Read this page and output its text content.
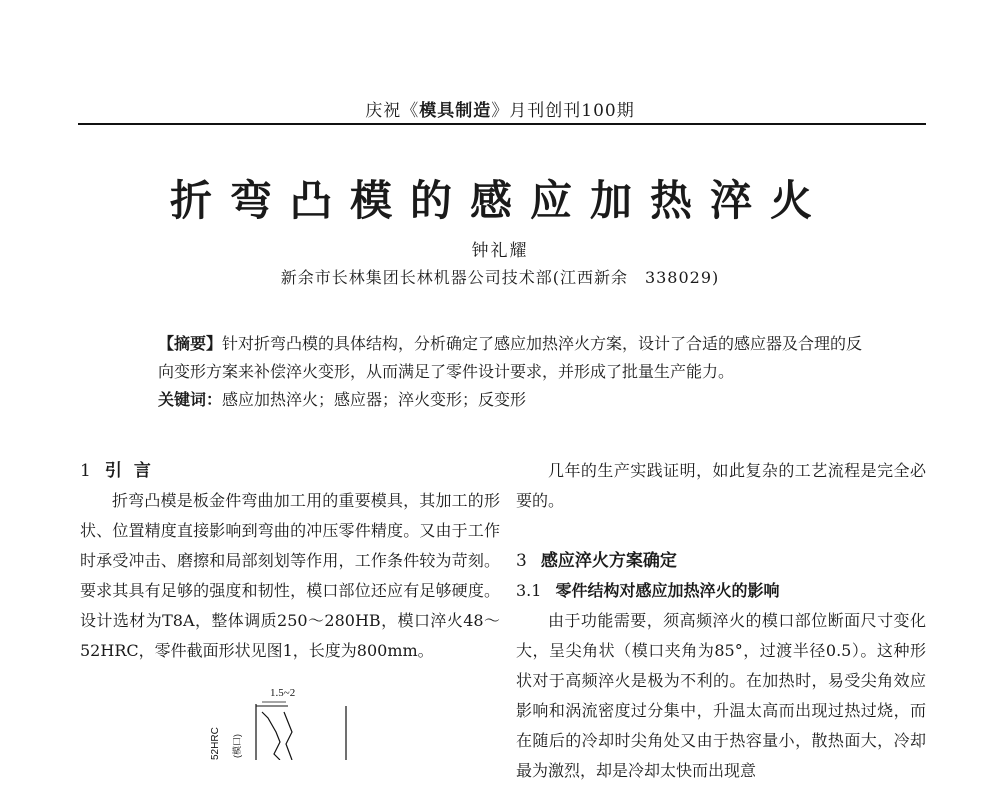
庆祝《模具制造》月刊创刊100期
折弯凸模的感应加热淬火
钟礼耀
新余市长林集团长林机器公司技术部(江西新余　338029)
【摘要】针对折弯凸模的具体结构，分析确定了感应加热淬火方案，设计了合适的感应器及合理的反向变形方案来补偿淬火变形，从而满足了零件设计要求，并形成了批量生产能力。
关键词：感应加热淬火；感应器；淬火变形；反变形
1 引言

折弯凸模是板金件弯曲加工用的重要模具，其加工的形状、位置精度直接影响到弯曲的冲压零件精度。又由于工作时承受冲击、磨擦和局部刻划等作用，工作条件较为苛刻。要求其具有足够的强度和韧性，模口部位还应有足够硬度。设计选材为T8A，整体调质250～280HB，模口淬火48～52HRC，零件截面形状见图1，长度为800mm。

几年的生产实践证明，如此复杂的工艺流程是完全必要的。

3 感应淬火方案确定
3.1 零件结构对感应加热淬火的影响

由于功能需要，须高频淬火的模口部位断面尺寸变化大，呈尖角状（模口夹角为85°，过渡半径0.5）。这种形状对于高频淬火是极为不利的。在加热时，易受尖角效应影响和涡流密度过分集中，升温太高而出现过热过烧，而在随后的冷却时尖角处又由于热容量小，散热面大，冷却最为激烈，却是冷却太快而出现意

1.5~2
52HRC (模口)
